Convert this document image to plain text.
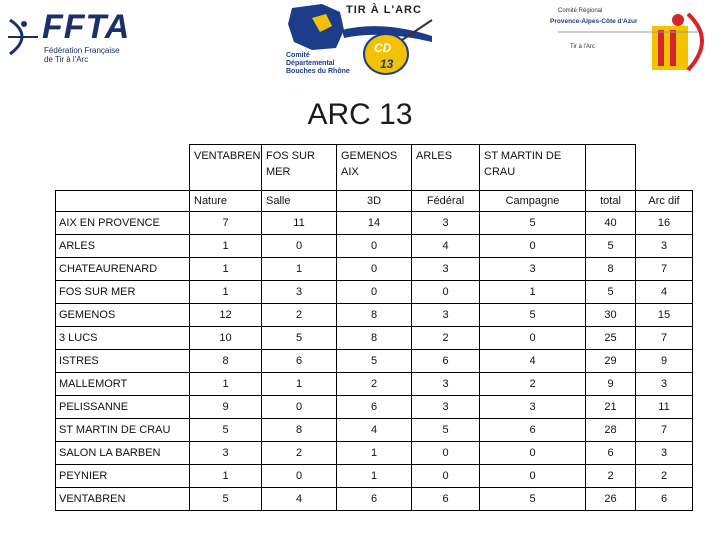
FFTA
Fédération Française
de Tir à l'Arc
CD
13
TIR À L'ARC
Comité
Départemental
Bouches du Rhône
Comité Régional
Provence-Alpes-Côte d'Azur
Tir à l'Arc
ARC 13
	VENTABREN	FOS SUR MER	GEMENOS AIX	ARLES	ST MARTIN DE CRAU		
	Nature	Salle	3D	Fédéral	Campagne	total	Arc dif
AIX EN PROVENCE	7	11	14	3	5	40	16
ARLES	1	0	0	4	0	5	3
CHATEAURENARD	1	1	0	3	3	8	7
FOS SUR MER	1	3	0	0	1	5	4
GEMENOS	12	2	8	3	5	30	15
3 LUCS	10	5	8	2	0	25	7
ISTRES	8	6	5	6	4	29	9
MALLEMORT	1	1	2	3	2	9	3
PELISSANNE	9	0	6	3	3	21	11
ST MARTIN DE CRAU	5	8	4	5	6	28	7
SALON LA BARBEN	3	2	1	0	0	6	3
PEYNIER	1	0	1	0	0	2	2
VENTABREN	5	4	6	6	5	26	6
